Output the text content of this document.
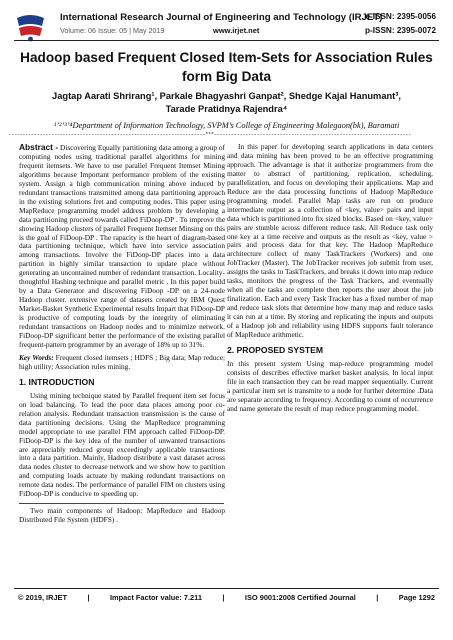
International Research Journal of Engineering and Technology (IRJET)
e-ISSN: 2395-0056
Volume: 06 Issue: 05 | May 2019	www.irjet.net	p-ISSN: 2395-0072
Hadoop based Frequent Closed Item-Sets for Association Rules form Big Data
Jagtap Aarati Shrirang¹, Parkale Bhagyashri Ganpat², Shedge Kajal Hanumant³,
Tarade Pratidnya Rajendra⁴
¹ʼ²ʼ³ʼ⁴Department of Information Technology, SVPM’s College of Engineering Malegaon(bk), Baramati
---------------------------------------------------------------------***---------------------------------------------------------------------

Abstract - Discovering Equally partitioning data among a group of computing nodes using traditional parallel algorithms for mining frequent itemsets. We have to use parallel Frequent Itemset Mining algorithms because Important performance problem of the existing system. Assign a high communication mining above induced by redundant transactions transmitted among data partitioning approach in the existing solutions fret and computing nodes. This paper using MapReduce programming model address problem by developing a data partitioning proceed towards called FiDoop-DP . To improve the showing Hadoop clusters of parallel Frequent Itemset Minsing on this is the goal of FiDoop-DP . The rapacity is the heart of diagram-based data partitioning technique, which have into service association among transactions. Involve the FiDoop-DP places into a data partition in highly similar transaction to update place without generating an uncontained number of redundant transaction. Locality-thoughtful Hashing technique and parallel metric . In this paper build by a Data Generator and discovering FiDoop -DP on a 24-node Hadoop cluster. extensive range of datasets created by IBM Quest Market-Basket Synthetic Experimental results Impart that FiDoop-DP is productive of computing loads by the integrity of eliminating redundant transactions on Hadoop nodes and to minimize network. FiDoop-DP significant better the performance of the existing parallel frequent-pattern programmer by an average of 18% up to 31%.

Key Words: Frequent closed itemsets ; HDFS ; Big data; Map reduce; high utility; Association rules mining.

1. INTRODUCTION

Using mining technique stated by Parallel frequent item set focus on load balancing. To lead the poor data places among poor co-relation analysis. Redundant transaction transmission is the cause of data partitioning decisions. Using the MapReduce programming model appropriate to use parallel FIM approach called FiDoop-DP. FiDoop-DP is the key idea of the number of unwanted transactions are appreciably reduced group exceedingly applicable transactions into a data partition. Mainly, Hadoop distribute a vast dataset across data nodes cluster to decrease network and we show how to partition and computing loads actuate by making redundant transactions on remote data nodes. The performance of parallel FIM on clusters using FiDoop-DP is conducive to speeding up.

Two main components of Hadoop: MapReduce and Hadoop Distributed File System (HDFS) .

In this paper for developing search applications in data centers and data mining has been proved to be an effective programming approach. The advantage is that it authorize programmers from the matter to abstract of partitioning, replication, scheduling, parallelization, and focus on developing their applications. Map and Reduce are the data processing functions of Hadoop MapReduce programming model. Parallel Map tasks are run on produce intermediate output as a collection of <key, value> pairs and input data which is partitioned into fix sized blocks. Based on <key, value> pairs are stumble across different reduce task. All Reduce task only one key at a time receive and outputs as the result as <key, value > pairs and process data for that key. The Hadoop MapReduce architecture collect of many TaskTrackers (Workers) and one JobTracker (Master). The JobTracker receives job submit from user, assigns the tasks to TaskTrackers, and breaks it down into map reduce tasks, monitors the progress of the Task Trackers, and eventually when all the tasks are complete then reports the user about the job finalization. Each and every Task Tracker has a fixed number of map and reduce task slots that determine how many map and reduce tasks it can run at a time. By storing and replicating the inputs and outputs of a Hadoop job and reliability using HDFS supports fault tolerance of MapReduce arithmetic.

2. PROPOSED SYSTEM

In this present system Using map-reduce programming model consists of describes effective market basket analysis. In local input file in each transaction they can be read mapper sequentially. Current a particular item set is transmite to a node for further determine .Data are separate according to frequency. According to count of occurrence and name generate the result of map reduce programming model.

© 2019, IRJET	|	Impact Factor value: 7.211	|	ISO 9001:2008 Certified Journal	|	Page 1292
